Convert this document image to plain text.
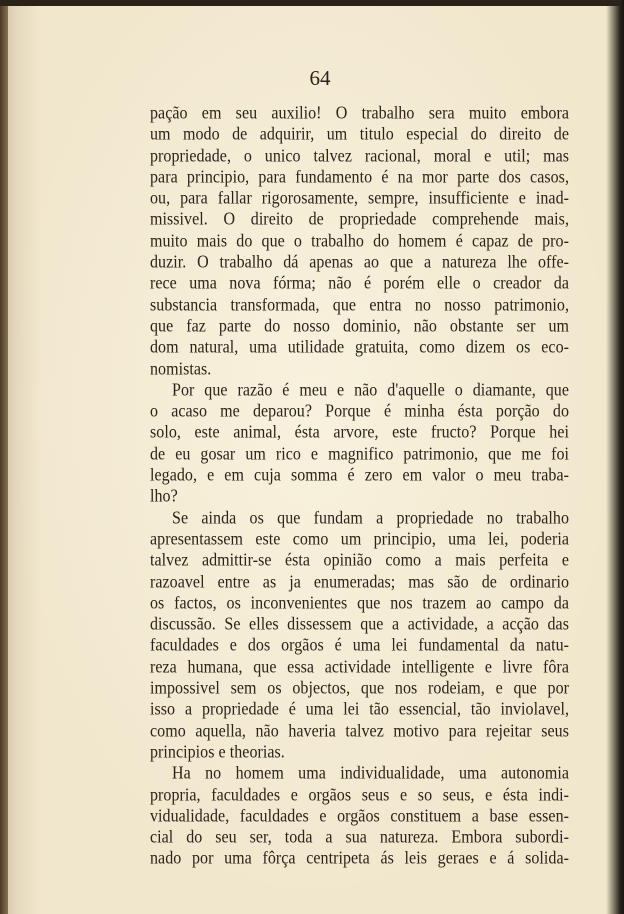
64
pação em seu auxilio! O trabalho sera muito embora
um modo de adquirir, um titulo especial do direito de
propriedade, o unico talvez racional, moral e util; mas
para principio, para fundamento é na mor parte dos casos,
ou, para fallar rigorosamente, sempre, insufficiente e inad-
missivel. O direito de propriedade comprehende mais,
muito mais do que o trabalho do homem é capaz de pro-
duzir. O trabalho dá apenas ao que a natureza lhe offe-
rece uma nova fórma; não é porém elle o creador da
substancia transformada, que entra no nosso patrimonio,
que faz parte do nosso dominio, não obstante ser um
dom natural, uma utilidade gratuita, como dizem os eco-
nomistas.
Por que razão é meu e não d'aquelle o diamante, que
o acaso me deparou? Porque é minha ésta porção do
solo, este animal, ésta arvore, este fructo? Porque hei
de eu gosar um rico e magnifico patrimonio, que me foi
legado, e em cuja somma é zero em valor o meu traba-
lho?
Se ainda os que fundam a propriedade no trabalho
apresentassem este como um principio, uma lei, poderia
talvez admittir-se ésta opinião como a mais perfeita e
razoavel entre as ja enumeradas; mas são de ordinario
os factos, os inconvenientes que nos trazem ao campo da
discussão. Se elles dissessem que a actividade, a acção das
faculdades e dos orgãos é uma lei fundamental da natu-
reza humana, que essa actividade intelligente e livre fôra
impossivel sem os objectos, que nos rodeiam, e que por
isso a propriedade é uma lei tão essencial, tão inviolavel,
como aquella, não haveria talvez motivo para rejeitar seus
principios e theorias.
Ha no homem uma individualidade, uma autonomia
propria, faculdades e orgãos seus e so seus, e ésta indi-
vidualidade, faculdades e orgãos constituem a base essen-
cial do seu ser, toda a sua natureza. Embora subordi-
nado por uma fôrça centripeta ás leis geraes e á solida-
